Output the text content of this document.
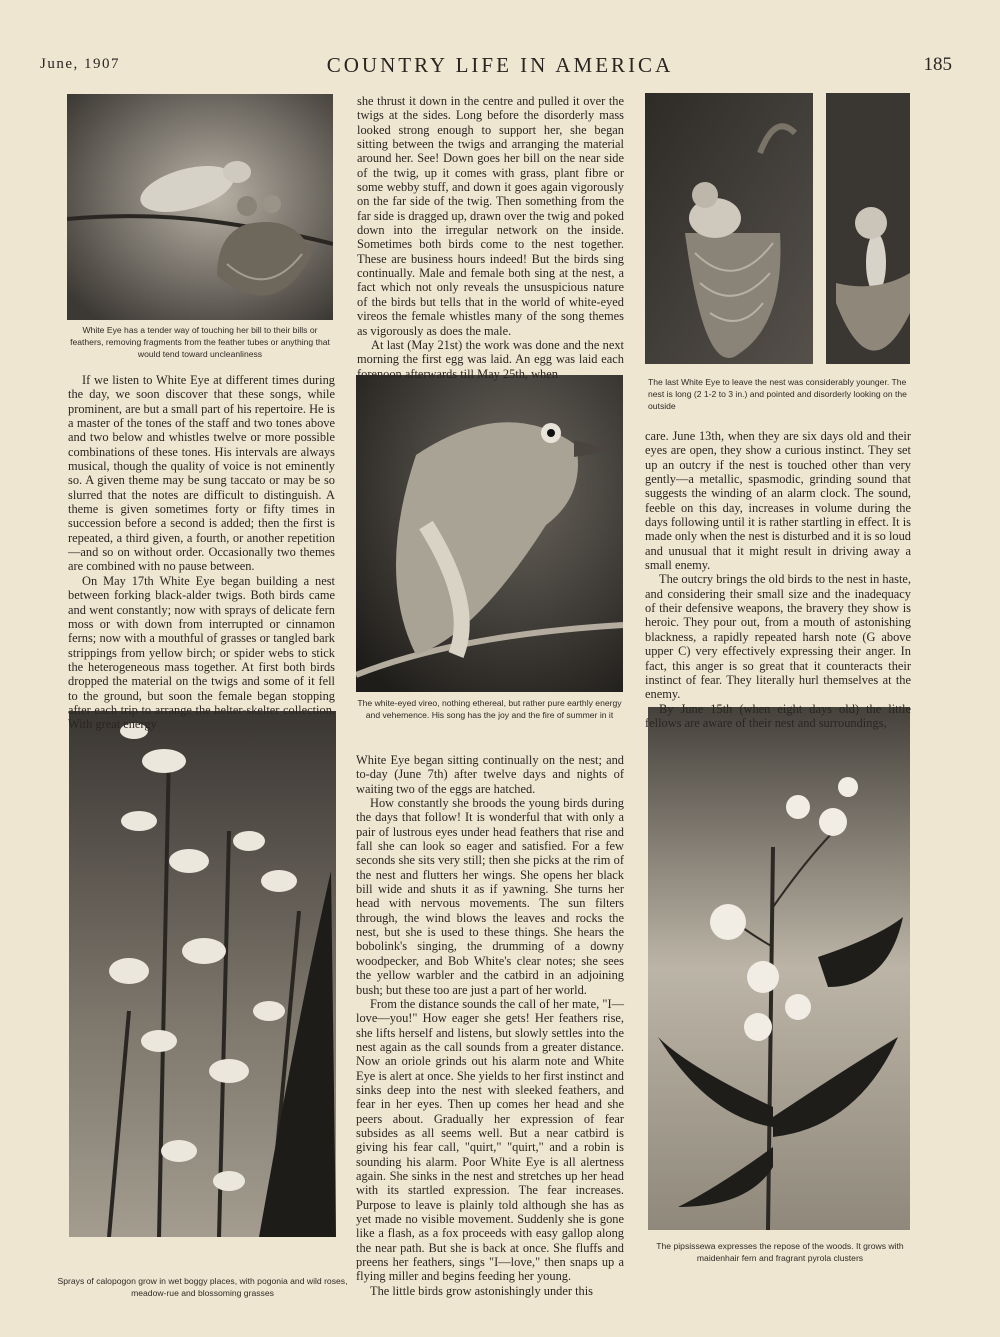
June, 1907	COUNTRY LIFE IN AMERICA	185
White Eye has a tender way of touching her bill to their bills or feathers, removing fragments from the feather tubes or anything that would tend toward uncleanliness
The last White Eye to leave the nest was considerably younger. The nest is long (2 1-2 to 3 in.) and pointed and disorderly looking on the outside
The white-eyed vireo, nothing ethereal, but rather pure earthly energy and vehemence. His song has the joy and the fire of summer in it
Sprays of calopogon grow in wet boggy places, with pogonia and wild roses, meadow-rue and blossoming grasses
The pipsissewa expresses the repose of the woods. It grows with maidenhair fern and fragrant pyrola clusters

If we listen to White Eye at different times during the day, we soon discover that these songs, while prominent, are but a small part of his repertoire. He is a master of the tones of the staff and two tones above and two below and whistles twelve or more possible combinations of these tones. His intervals are always musical, though the quality of voice is not eminently so. A given theme may be sung taccato or may be so slurred that the notes are difficult to distinguish. A theme is given sometimes forty or fifty times in succession before a second is added; then the first is repeated, a third given, a fourth, or another repetition—and so on without order. Occasionally two themes are combined with no pause between.

On May 17th White Eye began building a nest between forking black-alder twigs. Both birds came and went constantly; now with sprays of delicate fern moss or with down from interrupted or cinnamon ferns; now with a mouthful of grasses or tangled bark strippings from yellow birch; or spider webs to stick the heterogeneous mass together. At first both birds dropped the material on the twigs and some of it fell to the ground, but soon the female began stopping after each trip to arrange the helter-skelter collection. With great energy

she thrust it down in the centre and pulled it over the twigs at the sides. Long before the disorderly mass looked strong enough to support her, she began sitting between the twigs and arranging the material around her. See! Down goes her bill on the near side of the twig, up it comes with grass, plant fibre or some webby stuff, and down it goes again vigorously on the far side of the twig. Then something from the far side is dragged up, drawn over the twig and poked down into the irregular network on the inside. Sometimes both birds come to the nest together. These are business hours indeed! But the birds sing continually. Male and female both sing at the nest, a fact which not only reveals the unsuspicious nature of the birds but tells that in the world of white-eyed vireos the female whistles many of the song themes as vigorously as does the male.

At last (May 21st) the work was done and the next morning the first egg was laid. An egg was laid each forenoon afterwards till May 25th, when

White Eye began sitting continually on the nest; and to-day (June 7th) after twelve days and nights of waiting two of the eggs are hatched.

How constantly she broods the young birds during the days that follow! It is wonderful that with only a pair of lustrous eyes under head feathers that rise and fall she can look so eager and satisfied. For a few seconds she sits very still; then she picks at the rim of the nest and flutters her wings. She opens her black bill wide and shuts it as if yawning. She turns her head with nervous movements. The sun filters through, the wind blows the leaves and rocks the nest, but she is used to these things. She hears the bobolink's singing, the drumming of a downy woodpecker, and Bob White's clear notes; she sees the yellow warbler and the catbird in an adjoining bush; but these too are just a part of her world.

From the distance sounds the call of her mate, "I—love—you!" How eager she gets! Her feathers rise, she lifts herself and listens, but slowly settles into the nest again as the call sounds from a greater distance. Now an oriole grinds out his alarm note and White Eye is alert at once. She yields to her first instinct and sinks deep into the nest with sleeked feathers, and fear in her eyes. Then up comes her head and she peers about. Gradually her expression of fear subsides as all seems well. But a near catbird is giving his fear call, "quirt," "quirt," and a robin is sounding his alarm. Poor White Eye is all alertness again. She sinks in the nest and stretches up her head with its startled expression. The fear increases. Purpose to leave is plainly told although she has as yet made no visible movement. Suddenly she is gone like a flash, as a fox proceeds with easy gallop along the near path. But she is back at once. She fluffs and preens her feathers, sings "I—love," then snaps up a flying miller and begins feeding her young.

The little birds grow astonishingly under this

care. June 13th, when they are six days old and their eyes are open, they show a curious instinct. They set up an outcry if the nest is touched other than very gently—a metallic, spasmodic, grinding sound that suggests the winding of an alarm clock. The sound, feeble on this day, increases in volume during the days following until it is rather startling in effect. It is made only when the nest is disturbed and it is so loud and unusual that it might result in driving away a small enemy.

The outcry brings the old birds to the nest in haste, and considering their small size and the inadequacy of their defensive weapons, the bravery they show is heroic. They pour out, from a mouth of astonishing blackness, a rapidly repeated harsh note (G above upper C) very effectively expressing their anger. In fact, this anger is so great that it counteracts their instinct of fear. They literally hurl themselves at the enemy.

By June 15th (when eight days old) the little fellows are aware of their nest and surroundings,
